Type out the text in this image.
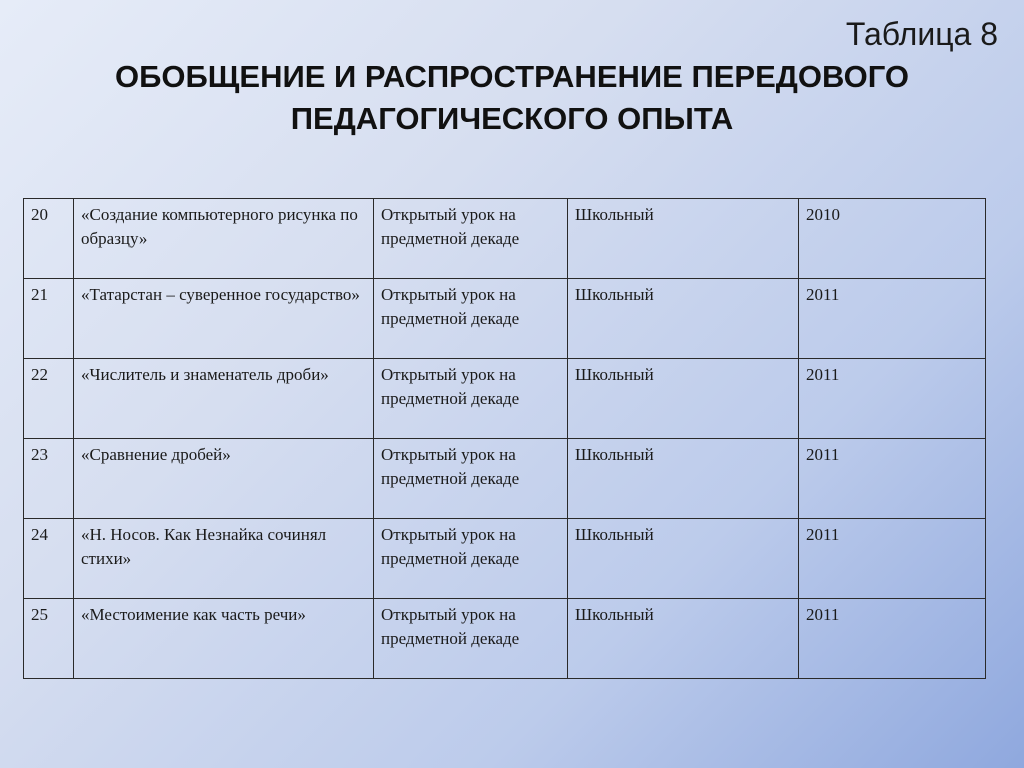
Таблица 8
ОБОБЩЕНИЕ И РАСПРОСТРАНЕНИЕ ПЕРЕДОВОГО
ПЕДАГОГИЧЕСКОГО ОПЫТА
20	«Создание компьютерного рисунка по образцу»	Открытый урок на предметной декаде	Школьный	2010
21	«Татарстан – суверенное государство»	Открытый урок на предметной декаде	Школьный	2011
22	«Числитель и знаменатель дроби»	Открытый урок на предметной декаде	Школьный	2011
23	«Сравнение дробей»	Открытый урок на предметной декаде	Школьный	2011
24	«Н. Носов. Как Незнайка сочинял стихи»	Открытый урок на предметной декаде	Школьный	2011
25	«Местоимение как часть речи»	Открытый урок на предметной декаде	Школьный	2011
